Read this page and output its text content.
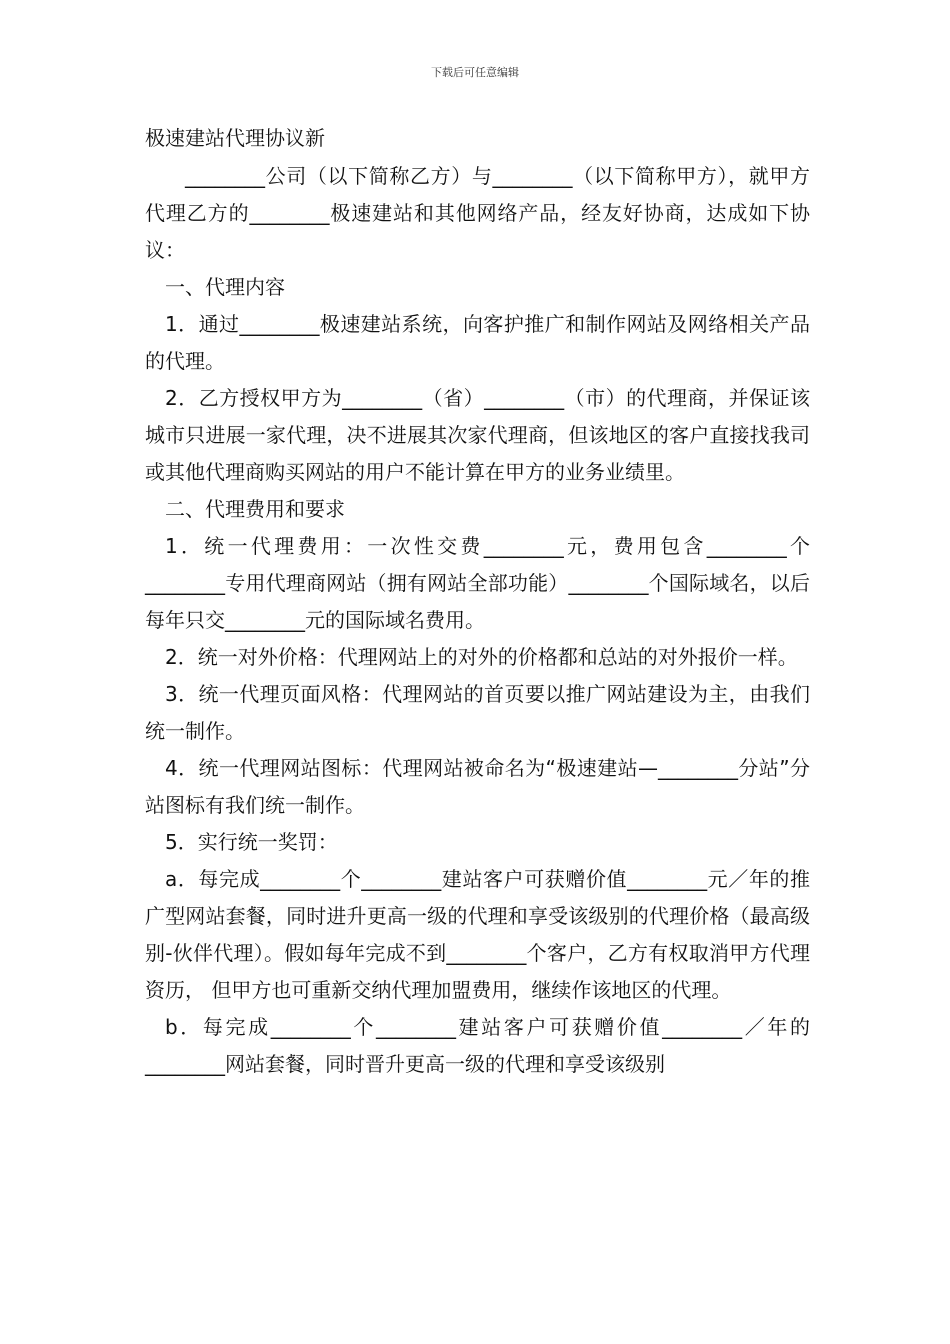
下载后可任意编辑

极速建站代理协议新

________公司（以下简称乙方）与________（以下简称甲方），就甲方代理乙方的________极速建站和其他网络产品，经友好协商，达成如下协议：

一、代理内容

1．通过________极速建站系统，向客护推广和制作网站及网络相关产品的代理。

2．乙方授权甲方为________（省）________（市）的代理商，并保证该城市只进展一家代理，决不进展其次家代理商，但该地区的客户直接找我司或其他代理商购买网站的用户不能计算在甲方的业务业绩里。

二、代理费用和要求

1．统一代理费用：一次性交费________元，费用包含________个________专用代理商网站（拥有网站全部功能）________个国际域名，以后每年只交________元的国际域名费用。

2．统一对外价格：代理网站上的对外的价格都和总站的对外报价一样。

3．统一代理页面风格：代理网站的首页要以推广网站建设为主，由我们统一制作。

4．统一代理网站图标：代理网站被命名为“极速建站—________分站”分站图标有我们统一制作。

5．实行统一奖罚：

a．每完成________个________建站客户可获赠价值________元／年的推广型网站套餐，同时进升更高一级的代理和享受该级别的代理价格（最高级别-伙伴代理）。假如每年完成不到________个客户，乙方有权取消甲方代理资历， 但甲方也可重新交纳代理加盟费用，继续作该地区的代理。

b．每完成________个________建站客户可获赠价值________／年的________网站套餐，同时晋升更高一级的代理和享受该级别
